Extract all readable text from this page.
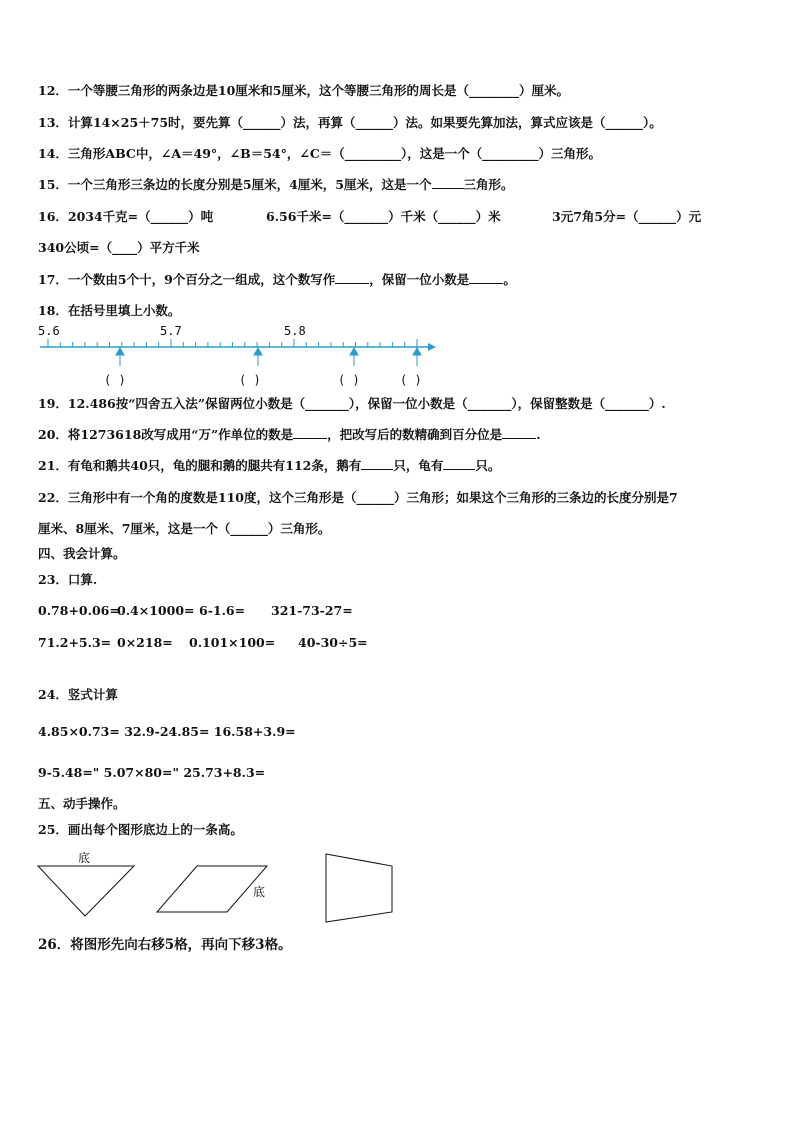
12．一个等腰三角形的两条边是10厘米和5厘米，这个等腰三角形的周长是（________）厘米。
13．计算14×25＋75时，要先算（______）法，再算（______）法。如果要先算加法，算式应该是（______）。
14．三角形ABC中，∠A＝49°，∠B＝54°，∠C＝（_________），这是一个（_________）三角形。
15．一个三角形三条边的长度分别是5厘米，4厘米，5厘米，这是一个	三角形。
16．2034千克=（______）吨	6.56千米=（_______）千米（______）米	3元7角5分=（______）元
340公顷=（____）平方千米
17．一个数由5个十，9个百分之一组成，这个数写作	，保留一位小数是	。
18．在括号里填上小数。
5.6	5.7	5.8
( )	( )	( )	( )
19．12.486按“四舍五入法”保留两位小数是（_______），保留一位小数是（_______），保留整数是（_______）.
20．将1273618改写成用“万”作单位的数是	，把改写后的数精确到百分位是	.
21．有龟和鹅共40只，龟的腿和鹅的腿共有112条，鹅有	只，龟有	只。
22．三角形中有一个角的度数是110度，这个三角形是（______）三角形；如果这个三角形的三条边的长度分别是7
厘米、8厘米、7厘米，这是一个（______）三角形。
四、我会计算。
23．口算.
0.78+0.06=
0.4×1000= 6-1.6= 321-73-27=
71.2+5.3= 0×218= 0.101×100= 40-30÷5=
24．竖式计算
4.85×0.73= 32.9-24.85= 16.58+3.9=
9-5.48=" 5.07×80=" 25.73+8.3=
五、动手操作。
25．画出每个图形底边上的一条高。
底
底
26．将图形先向右移5格，再向下移3格。
